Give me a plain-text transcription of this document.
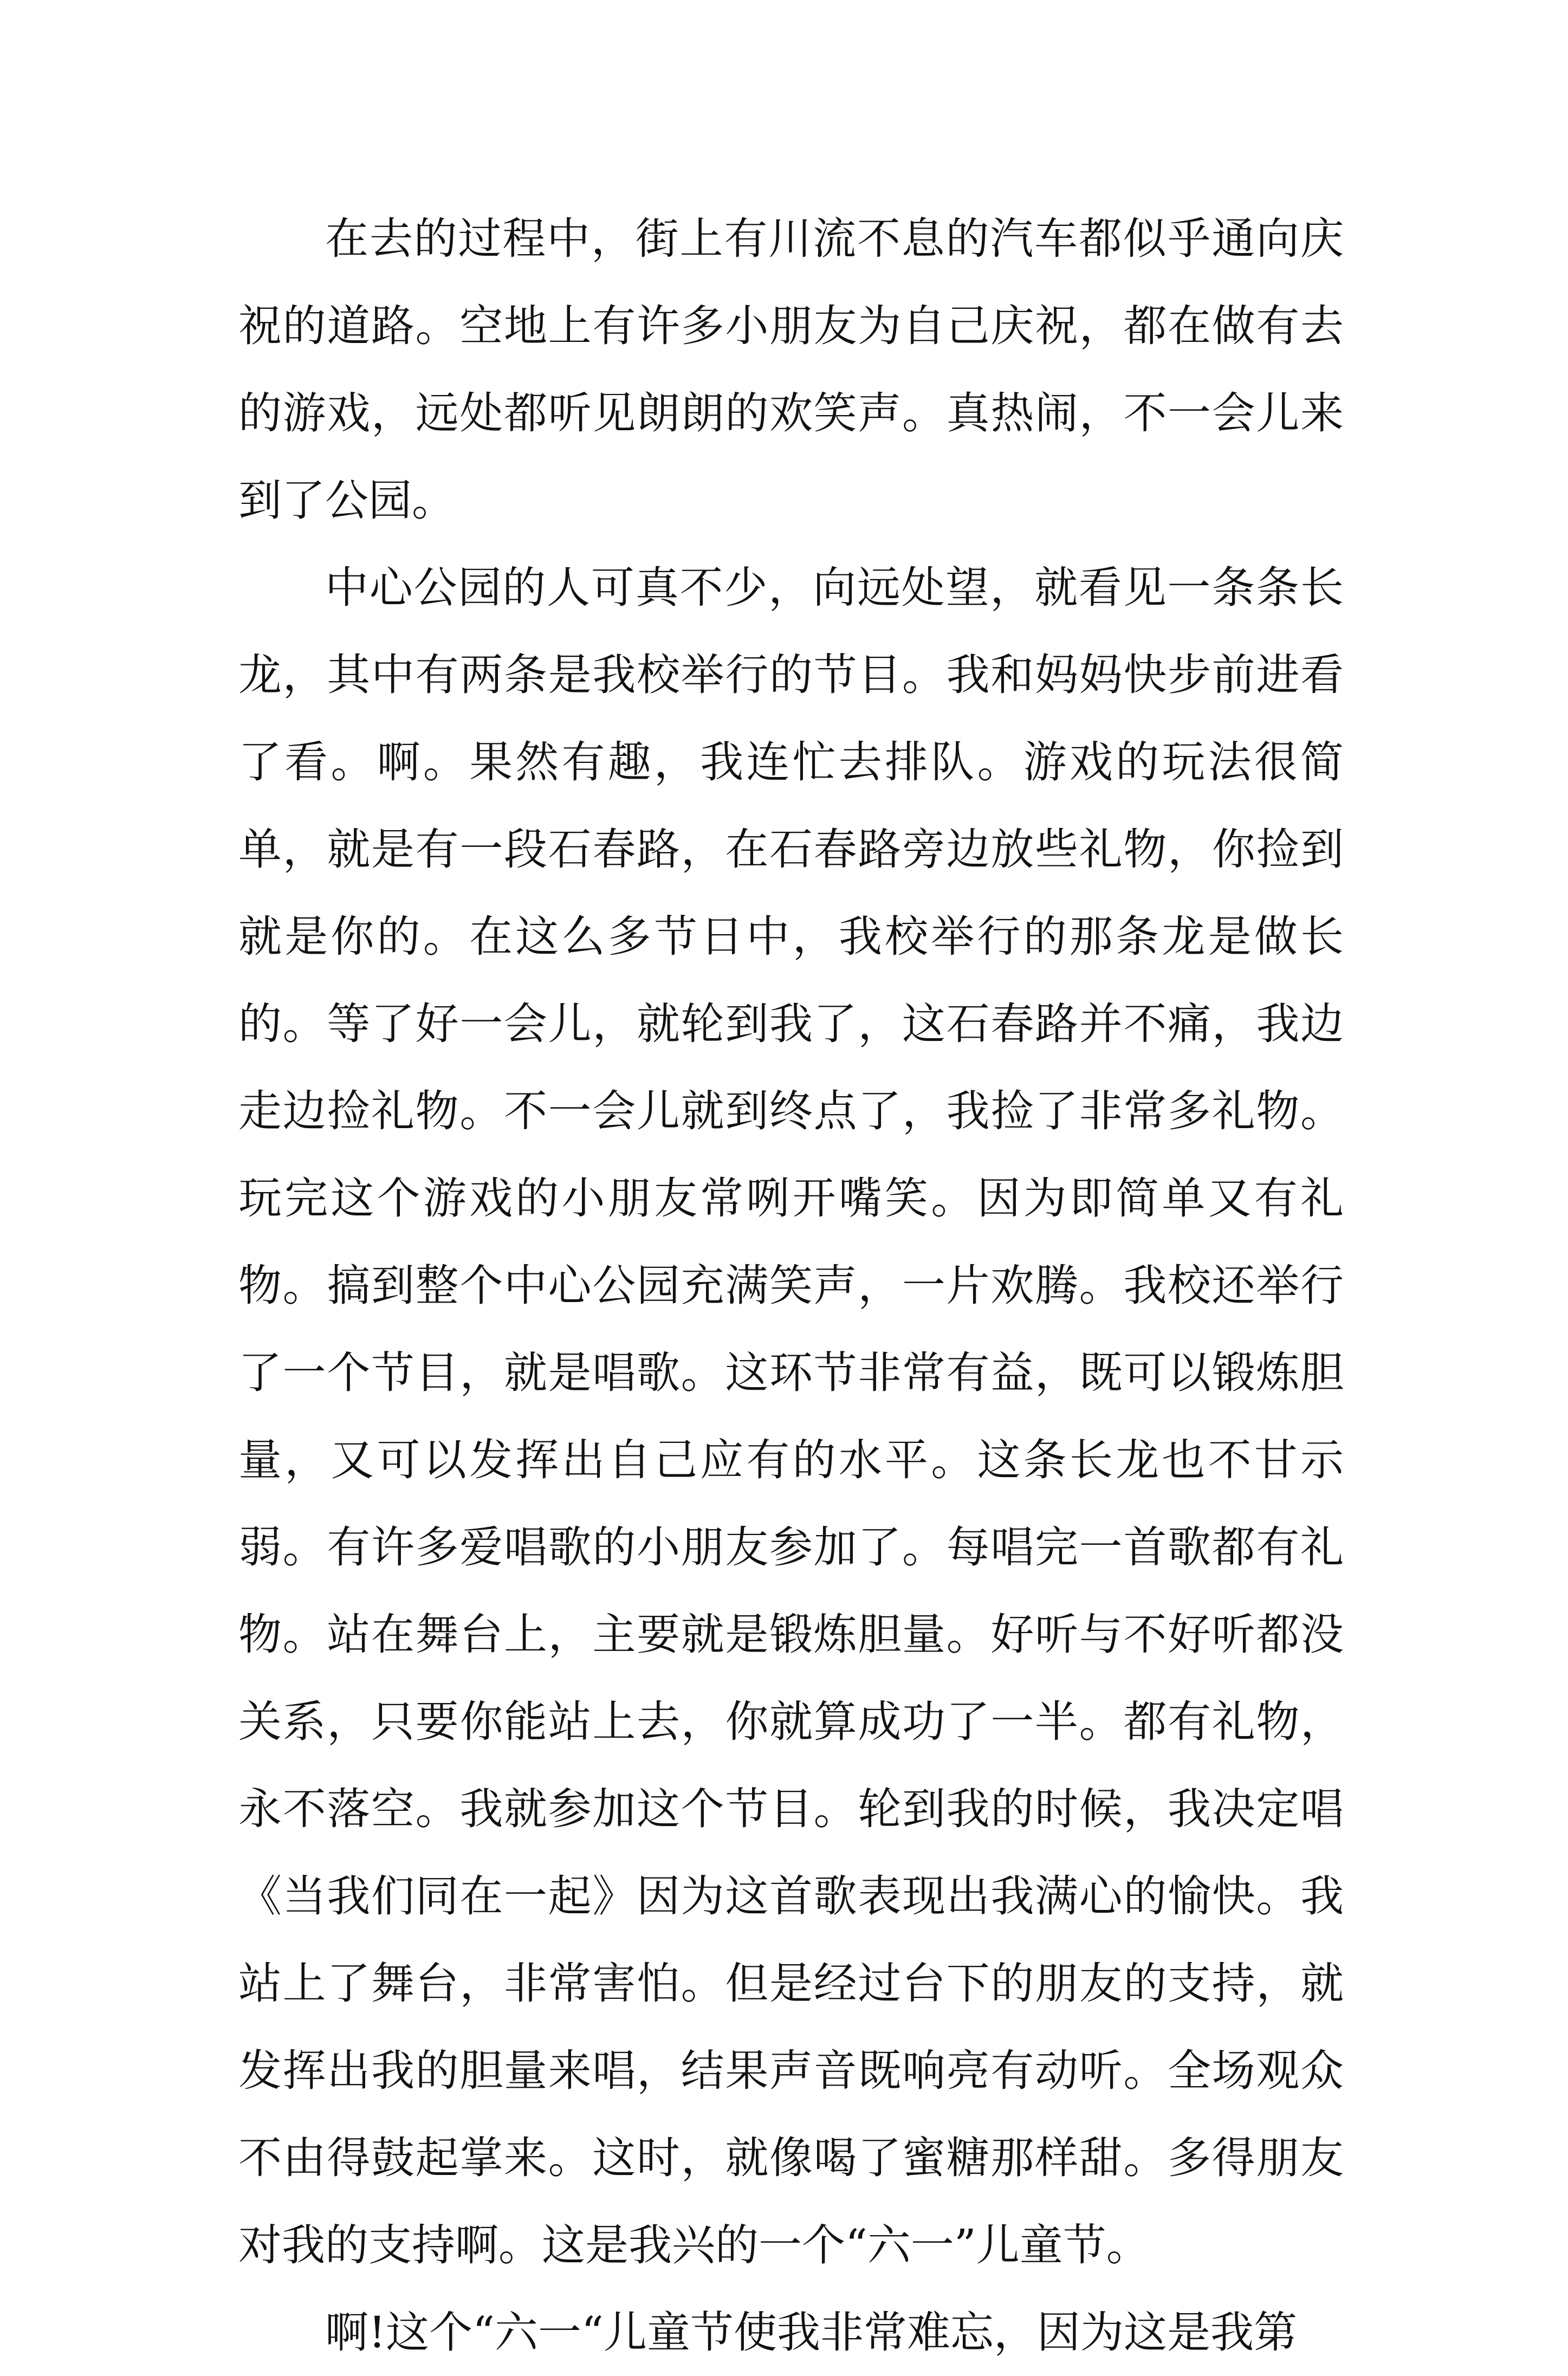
在去的过程中，街上有川流不息的汽车都似乎通向庆祝的道路。空地上有许多小朋友为自己庆祝，都在做有去的游戏，远处都听见朗朗的欢笑声。真热闹，不一会儿来到了公园。

中心公园的人可真不少，向远处望，就看见一条条长龙，其中有两条是我校举行的节目。我和妈妈快步前进看了看。啊。果然有趣，我连忙去排队。游戏的玩法很简单，就是有一段石春路，在石春路旁边放些礼物，你捡到就是你的。在这么多节日中，我校举行的那条龙是做长的。等了好一会儿，就轮到我了，这石春路并不痛，我边走边捡礼物。不一会儿就到终点了，我捡了非常多礼物。玩完这个游戏的小朋友常咧开嘴笑。因为即简单又有礼物。搞到整个中心公园充满笑声，一片欢腾。我校还举行了一个节目，就是唱歌。这环节非常有益，既可以锻炼胆量，又可以发挥出自己应有的水平。这条长龙也不甘示弱。有许多爱唱歌的小朋友参加了。每唱完一首歌都有礼物。站在舞台上，主要就是锻炼胆量。好听与不好听都没关系，只要你能站上去，你就算成功了一半。都有礼物，永不落空。我就参加这个节目。轮到我的时候，我决定唱《当我们同在一起》因为这首歌表现出我满心的愉快。我站上了舞台，非常害怕。但是经过台下的朋友的支持，就发挥出我的胆量来唱，结果声音既响亮有动听。全场观众不由得鼓起掌来。这时，就像喝了蜜糖那样甜。多得朋友对我的支持啊。这是我兴的一个“六一”儿童节。

啊!这个“六一“儿童节使我非常难忘，因为这是我第
